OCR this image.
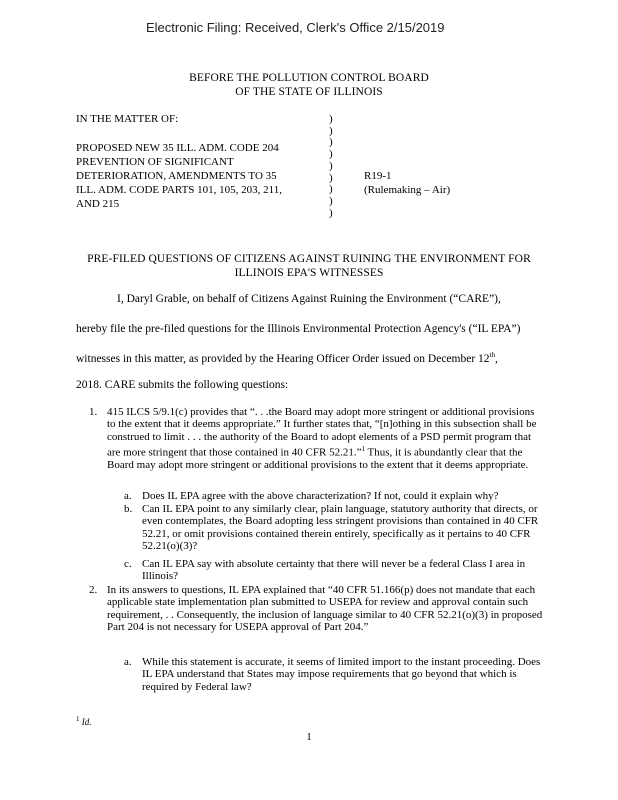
Electronic Filing: Received, Clerk's Office 2/15/2019
BEFORE THE POLLUTION CONTROL BOARD
OF THE STATE OF ILLINOIS
IN THE MATTER OF:
PROPOSED NEW 35 ILL. ADM. CODE 204
PREVENTION OF SIGNIFICANT
DETERIORATION, AMENDMENTS TO 35
ILL. ADM. CODE PARTS 101, 105, 203, 211,
AND 215
)
)
)
)
)
)
)
)
)
R19-1
(Rulemaking – Air)
PRE-FILED QUESTIONS OF CITIZENS AGAINST RUINING THE ENVIRONMENT FOR
ILLINOIS EPA'S WITNESSES
I, Daryl Grable, on behalf of Citizens Against Ruining the Environment (“CARE”),
hereby file the pre-filed questions for the Illinois Environmental Protection Agency's (“IL EPA”)
witnesses in this matter, as provided by the Hearing Officer Order issued on December 12th,
2018. CARE submits the following questions:
1. 415 ILCS 5/9.1(c) provides that “. . .the Board may adopt more stringent or additional provisions to the extent that it deems appropriate.” It further states that, “[n]othing in this subsection shall be construed to limit . . . the authority of the Board to adopt elements of a PSD permit program that are more stringent that those contained in 40 CFR 52.21.”$^1$ Thus, it is abundantly clear that the Board may adopt more stringent or additional provisions to the extent that it deems appropriate.
a. Does IL EPA agree with the above characterization? If not, could it explain why?
b. Can IL EPA point to any similarly clear, plain language, statutory authority that directs, or even contemplates, the Board adopting less stringent provisions than contained in 40 CFR 52.21, or omit provisions contained therein entirely, specifically as it pertains to 40 CFR 52.21(o)(3)?
c. Can IL EPA say with absolute certainty that there will never be a federal Class I area in Illinois?
2. In its answers to questions, IL EPA explained that “40 CFR 51.166(p) does not mandate that each applicable state implementation plan submitted to USEPA for review and approval contain such requirement, . . Consequently, the inclusion of language similar to 40 CFR 52.21(o)(3) in proposed Part 204 is not necessary for USEPA approval of Part 204.”
a. While this statement is accurate, it seems of limited import to the instant proceeding. Does IL EPA understand that States may impose requirements that go beyond that which is required by Federal law?
$^1$ Id.
1
